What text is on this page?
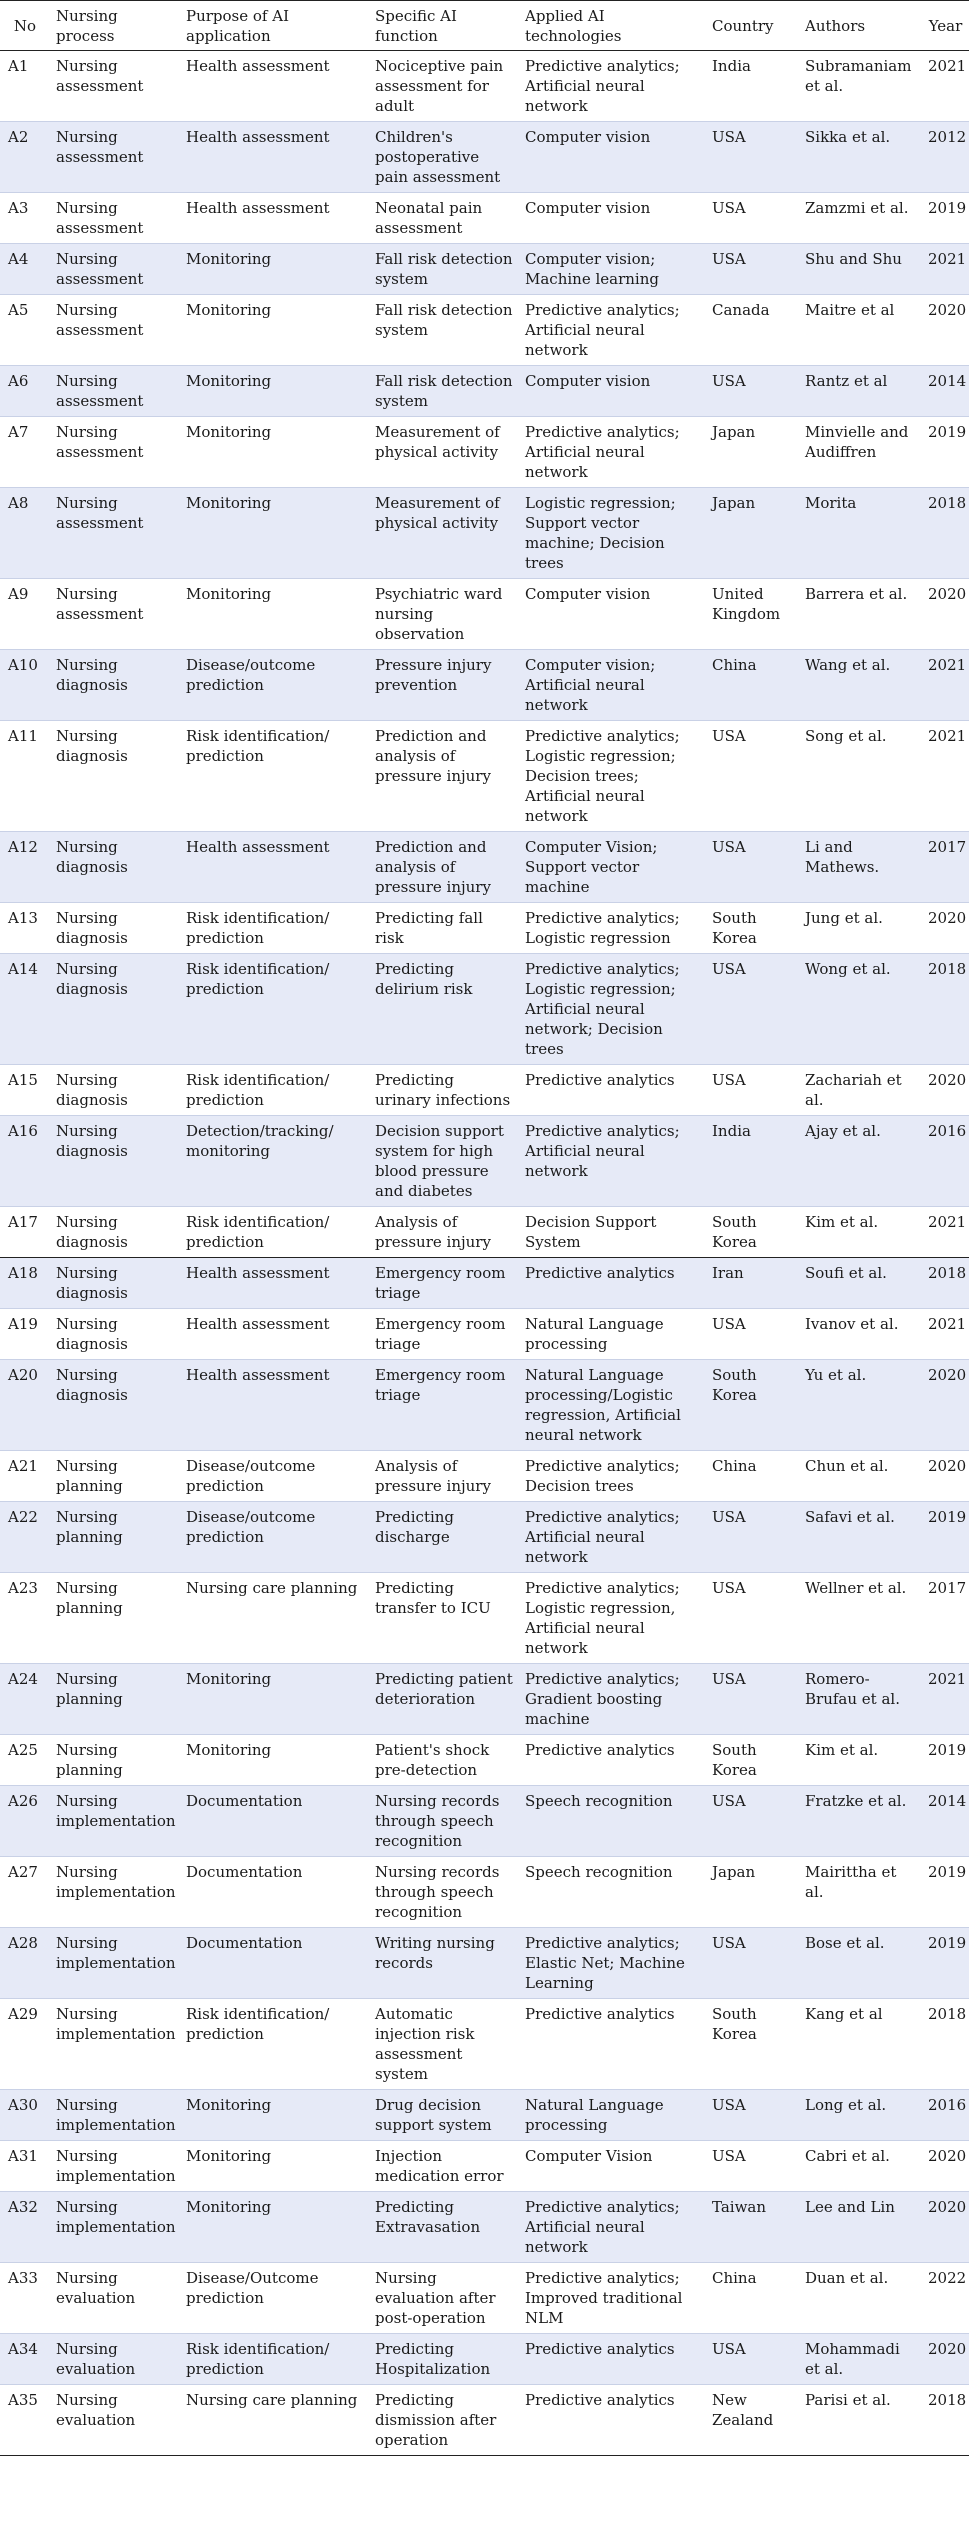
No	Nursing process	Purpose of AI application	Specific AI function	Applied AI technologies	Country	Authors	Year
A1	Nursing assessment	Health assessment	Nociceptive pain assessment for adult	Predictive analytics; Artificial neural network	India	Subramaniam et al.	2021
A2	Nursing assessment	Health assessment	Children's postoperative pain assessment	Computer vision	USA	Sikka et al.	2012
A3	Nursing assessment	Health assessment	Neonatal pain assessment	Computer vision	USA	Zamzmi et al.	2019
A4	Nursing assessment	Monitoring	Fall risk detection system	Computer vision; Machine learning	USA	Shu and Shu	2021
A5	Nursing assessment	Monitoring	Fall risk detection system	Predictive analytics; Artificial neural network	Canada	Maitre et al	2020
A6	Nursing assessment	Monitoring	Fall risk detection system	Computer vision	USA	Rantz et al	2014
A7	Nursing assessment	Monitoring	Measurement of physical activity	Predictive analytics; Artificial neural network	Japan	Minvielle and Audiffren	2019
A8	Nursing assessment	Monitoring	Measurement of physical activity	Logistic regression; Support vector machine; Decision trees	Japan	Morita	2018
A9	Nursing assessment	Monitoring	Psychiatric ward nursing observation	Computer vision	United Kingdom	Barrera et al.	2020
A10	Nursing diagnosis	Disease/outcome prediction	Pressure injury prevention	Computer vision; Artificial neural network	China	Wang et al.	2021
A11	Nursing diagnosis	Risk identification/ prediction	Prediction and analysis of pressure injury	Predictive analytics; Logistic regression; Decision trees; Artificial neural network	USA	Song et al.	2021
A12	Nursing diagnosis	Health assessment	Prediction and analysis of pressure injury	Computer Vision; Support vector machine	USA	Li and Mathews.	2017
A13	Nursing diagnosis	Risk identification/ prediction	Predicting fall risk	Predictive analytics; Logistic regression	South Korea	Jung et al.	2020
A14	Nursing diagnosis	Risk identification/ prediction	Predicting delirium risk	Predictive analytics; Logistic regression; Artificial neural network; Decision trees	USA	Wong et al.	2018
A15	Nursing diagnosis	Risk identification/ prediction	Predicting urinary infections	Predictive analytics	USA	Zachariah et al.	2020
A16	Nursing diagnosis	Detection/tracking/ monitoring	Decision support system for high blood pressure and diabetes	Predictive analytics; Artificial neural network	India	Ajay et al.	2016
A17	Nursing diagnosis	Risk identification/ prediction	Analysis of pressure injury	Decision Support System	South Korea	Kim et al.	2021
A18	Nursing diagnosis	Health assessment	Emergency room triage	Predictive analytics	Iran	Soufi et al.	2018
A19	Nursing diagnosis	Health assessment	Emergency room triage	Natural Language processing	USA	Ivanov et al.	2021
A20	Nursing diagnosis	Health assessment	Emergency room triage	Natural Language processing/Logistic regression, Artificial neural network	South Korea	Yu et al.	2020
A21	Nursing planning	Disease/outcome prediction	Analysis of pressure injury	Predictive analytics; Decision trees	China	Chun et al.	2020
A22	Nursing planning	Disease/outcome prediction	Predicting discharge	Predictive analytics; Artificial neural network	USA	Safavi et al.	2019
A23	Nursing planning	Nursing care planning	Predicting transfer to ICU	Predictive analytics; Logistic regression, Artificial neural network	USA	Wellner et al.	2017
A24	Nursing planning	Monitoring	Predicting patient deterioration	Predictive analytics; Gradient boosting machine	USA	Romero-Brufau et al.	2021
A25	Nursing planning	Monitoring	Patient's shock pre-detection	Predictive analytics	South Korea	Kim et al.	2019
A26	Nursing implementation	Documentation	Nursing records through speech recognition	Speech recognition	USA	Fratzke et al.	2014
A27	Nursing implementation	Documentation	Nursing records through speech recognition	Speech recognition	Japan	Mairittha et al.	2019
A28	Nursing implementation	Documentation	Writing nursing records	Predictive analytics; Elastic Net; Machine Learning	USA	Bose et al.	2019
A29	Nursing implementation	Risk identification/ prediction	Automatic injection risk assessment system	Predictive analytics	South Korea	Kang et al	2018
A30	Nursing implementation	Monitoring	Drug decision support system	Natural Language processing	USA	Long et al.	2016
A31	Nursing implementation	Monitoring	Injection medication error	Computer Vision	USA	Cabri et al.	2020
A32	Nursing implementation	Monitoring	Predicting Extravasation	Predictive analytics; Artificial neural network	Taiwan	Lee and Lin	2020
A33	Nursing evaluation	Disease/Outcome prediction	Nursing evaluation after post-operation	Predictive analytics; Improved traditional NLM	China	Duan et al.	2022
A34	Nursing evaluation	Risk identification/ prediction	Predicting Hospitalization	Predictive analytics	USA	Mohammadi et al.	2020
A35	Nursing evaluation	Nursing care planning	Predicting dismission after operation	Predictive analytics	New Zealand	Parisi et al.	2018
